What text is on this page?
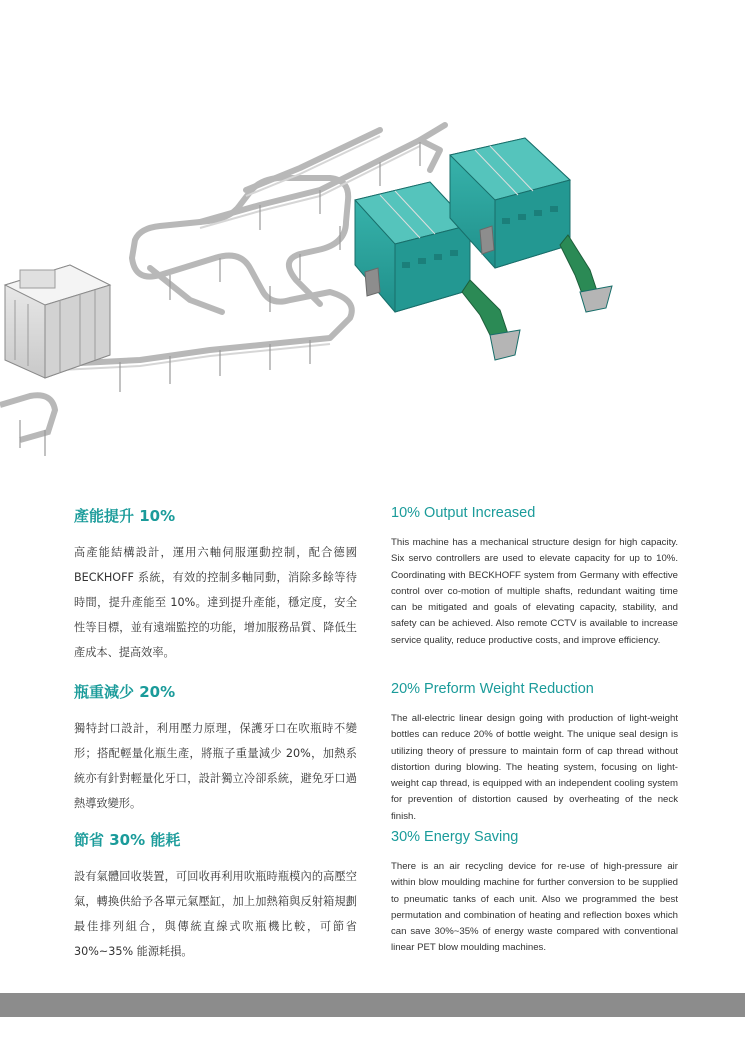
產能提升 10%

高產能結構設計，運用六軸伺服運動控制，配合德國 BECKHOFF 系統，有效的控制多軸同動，消除多餘等待時間，提升產能至 10%。達到提升產能，穩定度，安全性等目標，並有遠端監控的功能，增加服務品質、降低生產成本、提高效率。

10% Output Increased

This machine has a mechanical structure design for high capacity. Six servo controllers are used to elevate capacity for up to 10%. Coordinating with BECKHOFF system from Germany with effective control over co-motion of multiple shafts, redundant waiting time can be mitigated and goals of elevating capacity, stability, and safety can be achieved. Also remote CCTV is available to increase service quality, reduce productive costs, and improve efficiency.

瓶重減少 20%

獨特封口設計，利用壓力原理，保護牙口在吹瓶時不變形；搭配輕量化瓶生產，將瓶子重量減少 20%，加熱系統亦有針對輕量化牙口，設計獨立冷卻系統，避免牙口過熱導致變形。

20% Preform Weight Reduction

The all-electric linear design going with production of light-weight bottles can reduce 20% of bottle weight. The unique seal design is utilizing theory of pressure to maintain form of cap thread without distortion during blowing. The heating system, focusing on light-weight cap thread, is equipped with an independent cooling system for prevention of distortion caused by overheating of the neck finish.

節省 30% 能耗

設有氣體回收裝置，可回收再利用吹瓶時瓶模內的高壓空氣，轉換供給予各單元氣壓缸，加上加熱箱與反射箱規劃最佳排列組合，與傳統直線式吹瓶機比較，可節省 30%~35% 能源耗損。

30% Energy Saving

There is an air recycling device for re-use of high-pressure air within blow moulding machine for further conversion to be supplied to pneumatic tanks of each unit. Also we programmed the best permutation and combination of heating and reflection boxes which can save 30%~35% of energy waste compared with conventional linear PET blow moulding machines.
